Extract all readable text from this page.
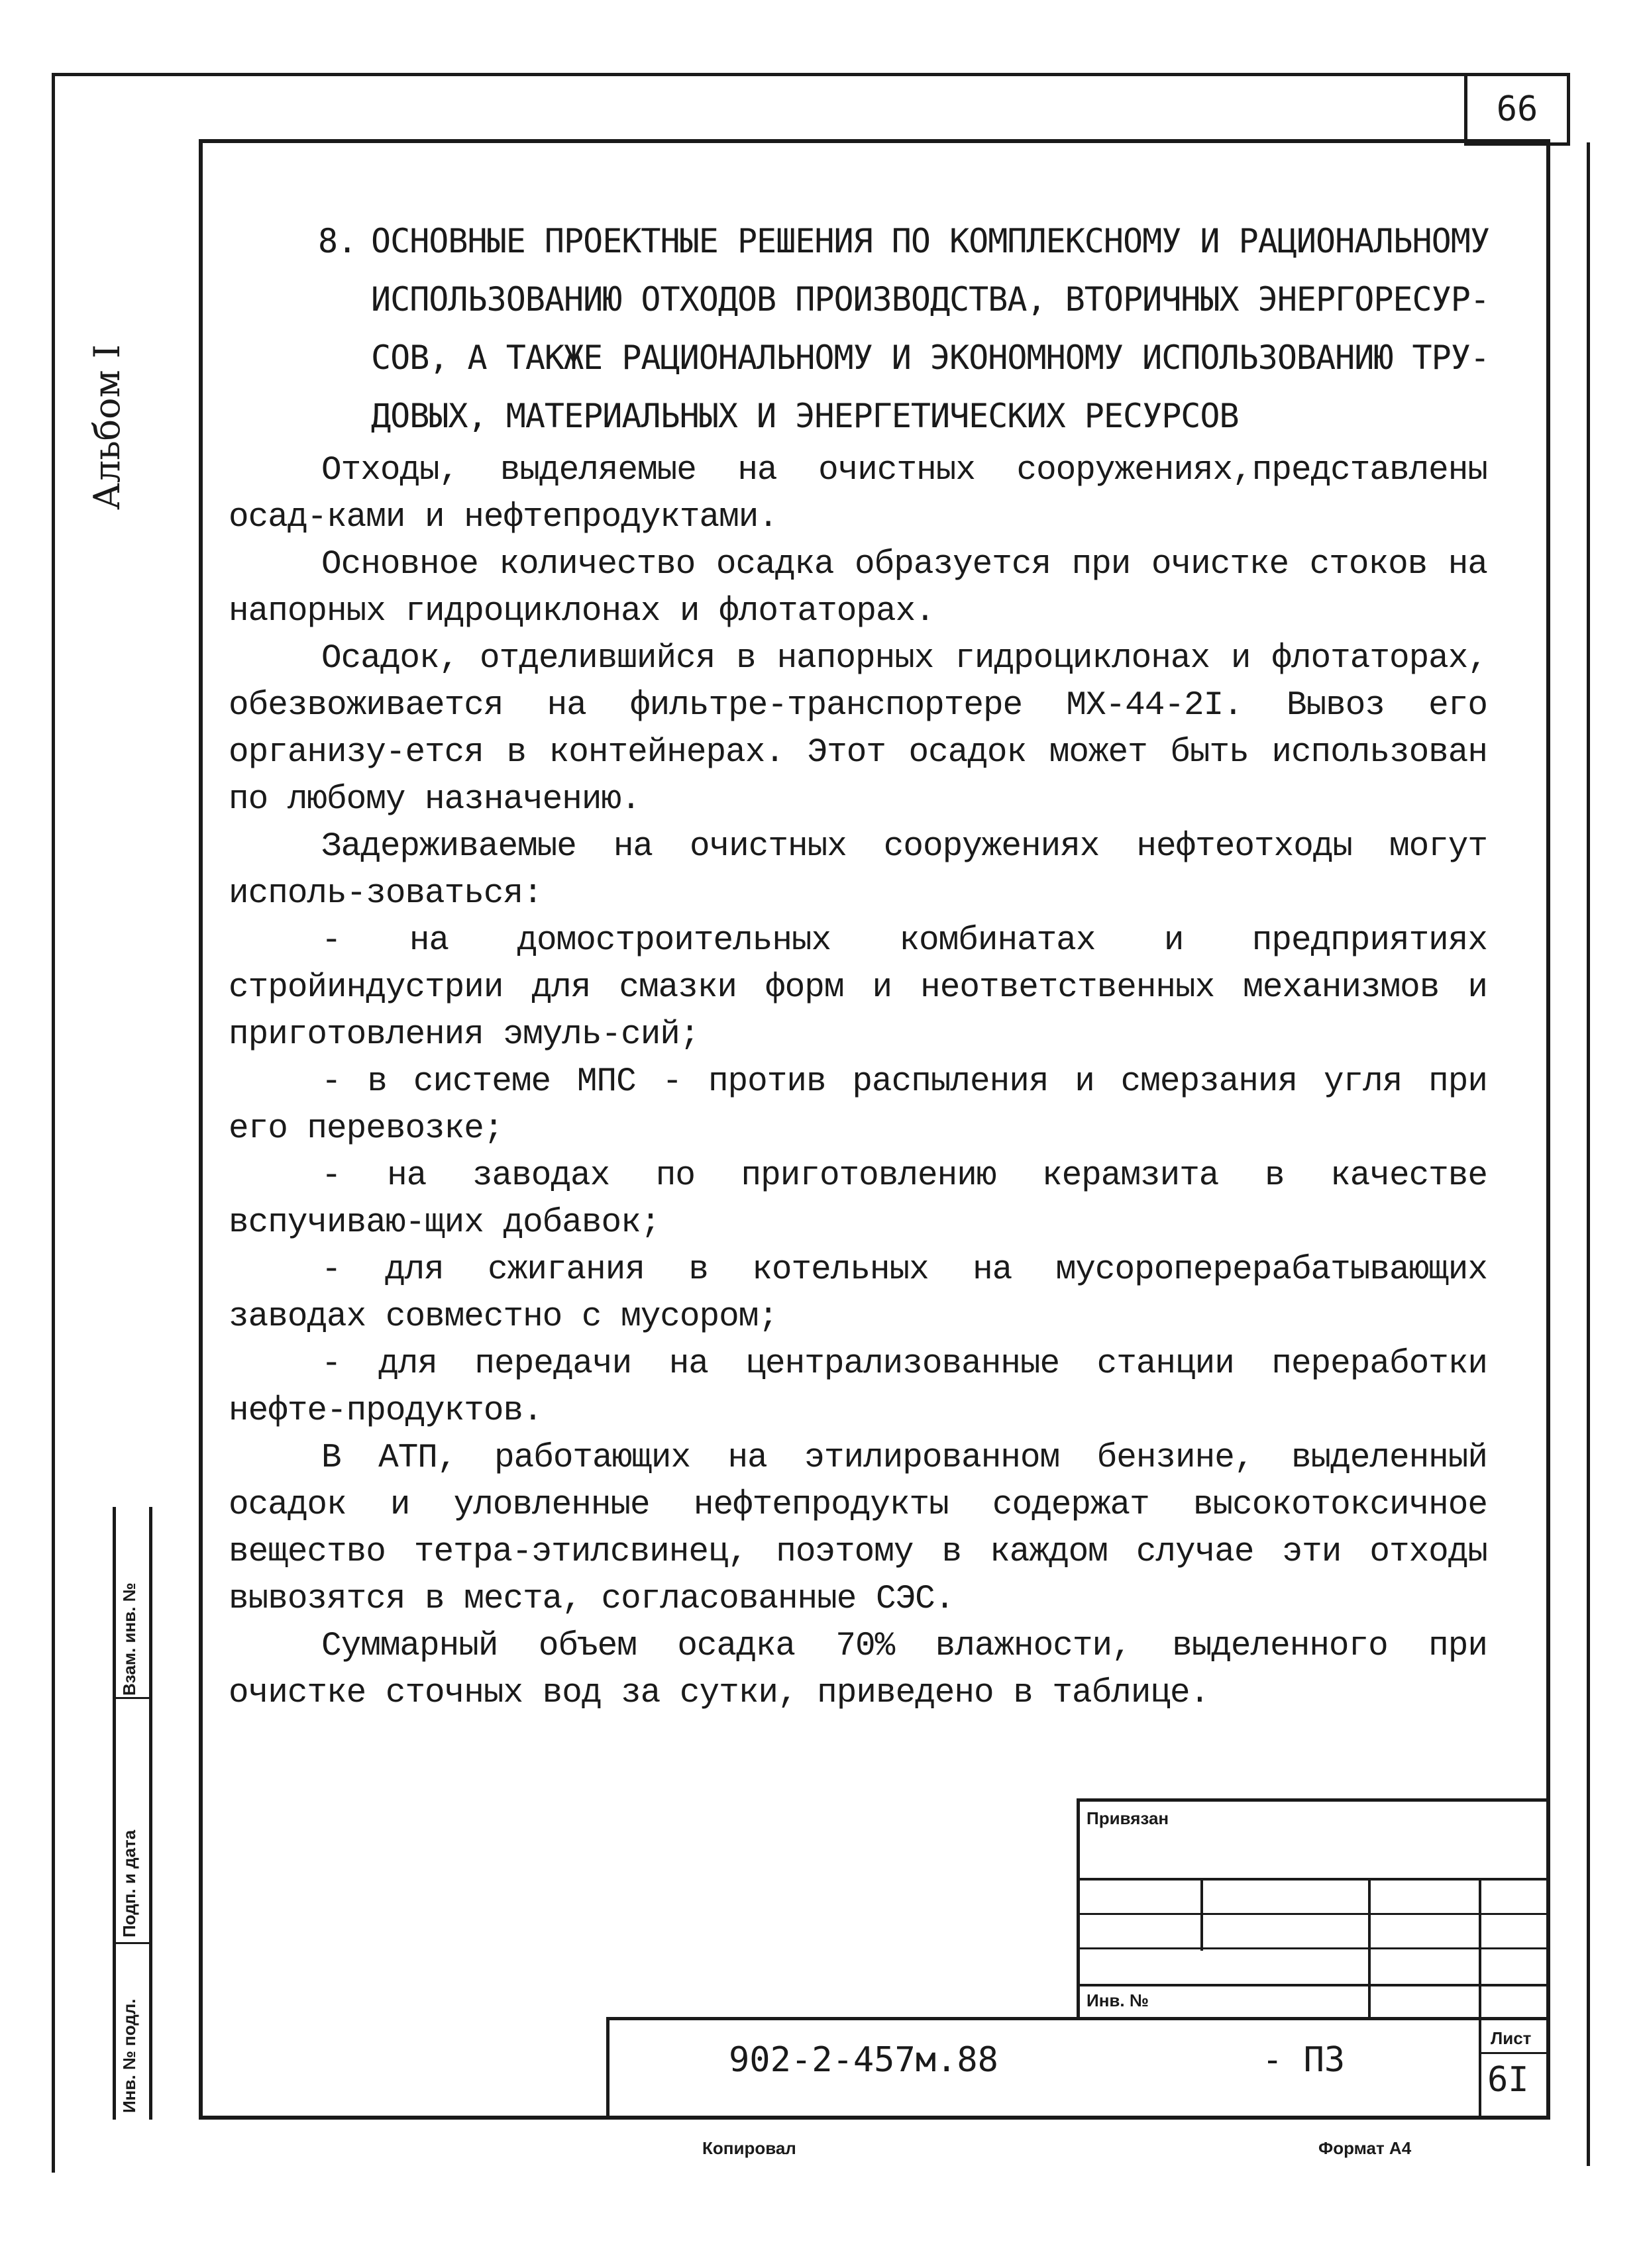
66
Альбом I
8. ОСНОВНЫЕ ПРОЕКТНЫЕ РЕШЕНИЯ ПО КОМПЛЕКСНОМУ И РАЦИОНАЛЬНОМУ ИСПОЛЬЗОВАНИЮ ОТХОДОВ ПРОИЗВОДСТВА, ВТОРИЧНЫХ ЭНЕРГОРЕСУР-СОВ, А ТАКЖЕ РАЦИОНАЛЬНОМУ И ЭКОНОМНОМУ ИСПОЛЬЗОВАНИЮ ТРУ-ДОВЫХ, МАТЕРИАЛЬНЫХ И ЭНЕРГЕТИЧЕСКИХ РЕСУРСОВ

Отходы, выделяемые на очистных сооружениях,представлены осад-ками и нефтепродуктами.

Основное количество осадка образуется при очистке стоков на напорных гидроциклонах и флотаторах.

Осадок, отделившийся в напорных гидроциклонах и флотаторах, обезвоживается на фильтре-транспортере МХ-44-2I. Вывоз его организу-ется в контейнерах. Этот осадок может быть использован по любому назначению.

Задерживаемые на очистных сооружениях нефтеотходы могут исполь-зоваться:

- на домостроительных комбинатах и предприятиях стройиндустрии для смазки форм и неответственных механизмов и приготовления эмуль-сий;

- в системе МПС - против распыления и смерзания угля при его перевозке;

- на заводах по приготовлению керамзита в качестве вспучиваю-щих добавок;

- для сжигания в котельных на мусороперерабатывающих заводах совместно с мусором;

- для передачи на централизованные станции переработки нефте-продуктов.

В АТП, работающих на этилированном бензине, выделенный осадок и уловленные нефтепродукты содержат высокотоксичное вещество тетра-этилсвинец, поэтому в каждом случае эти отходы вывозятся в места, согласованные СЭС.

Суммарный объем осадка 70% влажности, выделенного при очистке сточных вод за сутки, приведено в таблице.

Взам. инв. №
Подп. и дата
Инв. № подл.
Привязан
Инв. №
902-2-457м.88	- ПЗ
Лист
6I
Копировал	Формат А4
